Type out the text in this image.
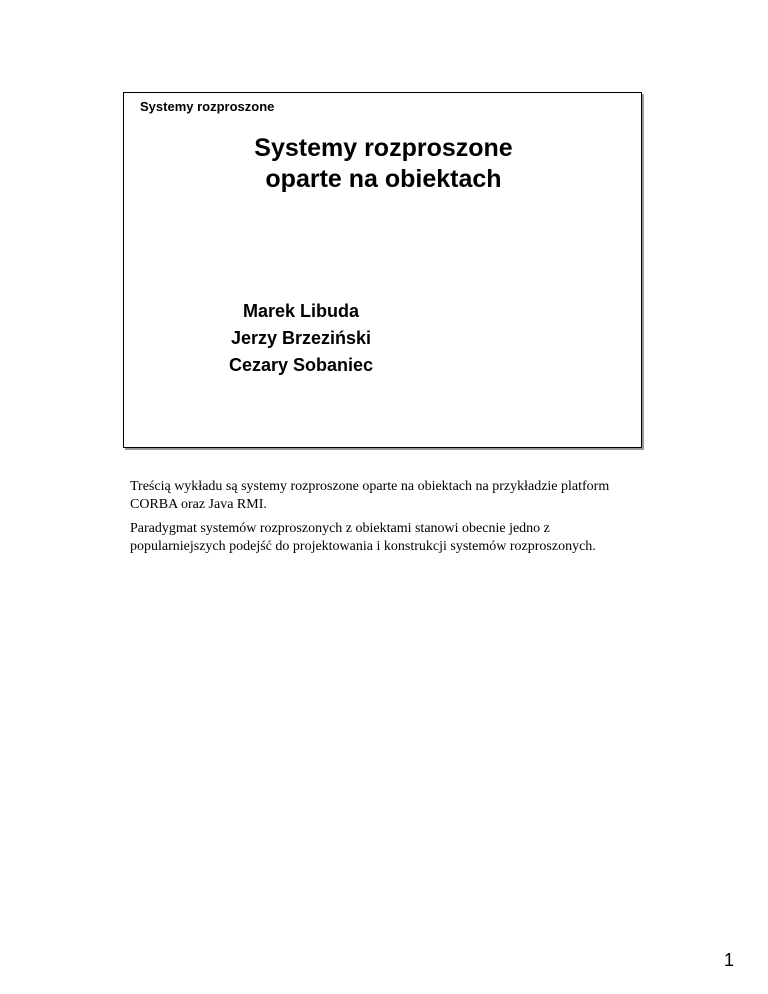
Systemy rozproszone
Systemy rozproszone
oparte na obiektach
Marek Libuda
Jerzy Brzeziński
Cezary Sobaniec

Treścią wykładu są systemy rozproszone oparte na obiektach na przykładzie platform CORBA oraz Java RMI.

Paradygmat systemów rozproszonych z obiektami stanowi obecnie jedno z popularniejszych podejść do projektowania i konstrukcji systemów rozproszonych.

1
